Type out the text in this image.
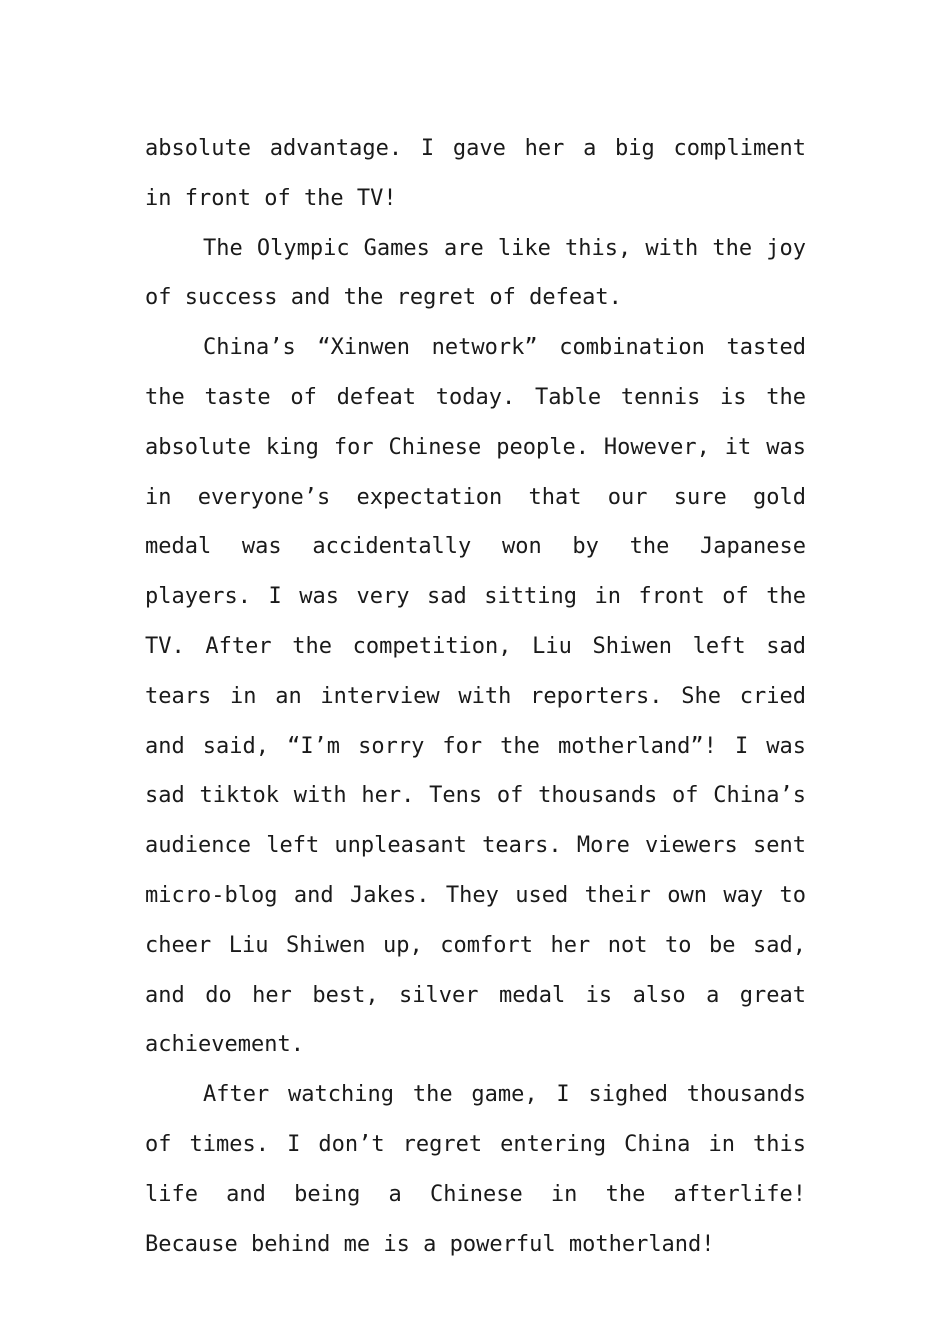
absolute advantage. I gave her a big compliment in front of the TV!

The Olympic Games are like this, with the joy of success and the regret of defeat.

China’s “Xinwen network” combination tasted the taste of defeat today. Table tennis is the absolute king for Chinese people. However, it was in everyone’s expectation that our sure gold medal was accidentally won by the Japanese players. I was very sad sitting in front of the TV. After the competition, Liu Shiwen left sad tears in an interview with reporters. She cried and said, “I’m sorry for the motherland”! I was sad tiktok with her. Tens of thousands of China’s audience left unpleasant tears. More viewers sent micro-blog and Jakes. They used their own way to cheer Liu Shiwen up, comfort her not to be sad, and do her best, silver medal is also a great achievement.

After watching the game, I sighed thousands of times. I don’t regret entering China in this life and being a Chinese in the afterlife! Because behind me is a powerful motherland!
